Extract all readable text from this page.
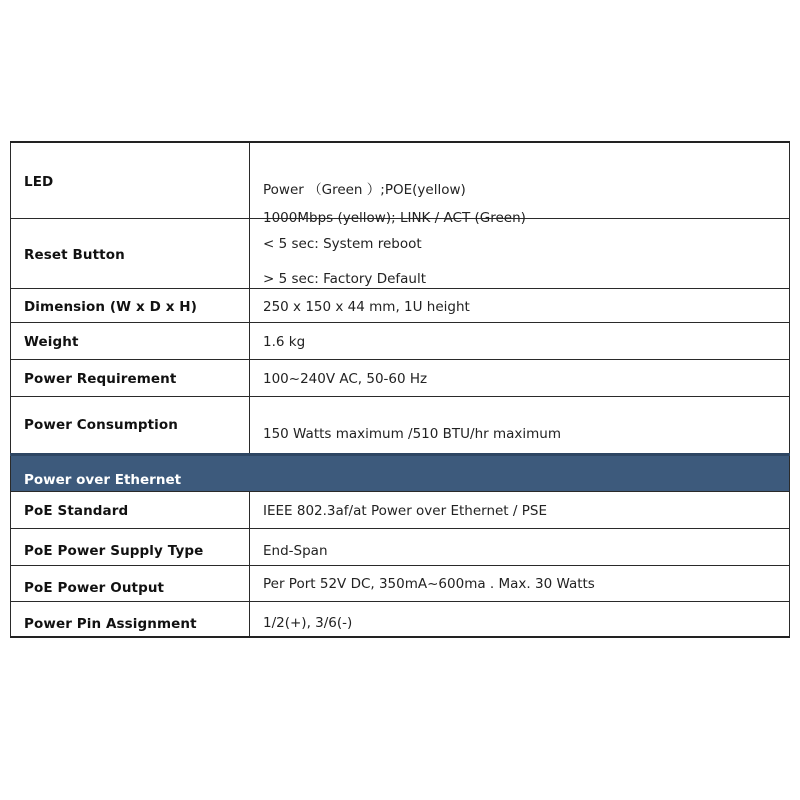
LED	Power （Green ）;POE(yellow)
1000Mbps (yellow); LINK / ACT (Green)

Reset Button	< 5 sec: System reboot
> 5 sec: Factory Default

Dimension (W x D x H)	250 x 150 x 44 mm, 1U height
Weight	1.6 kg
Power Requirement	100~240V AC, 50-60 Hz
Power Consumption	150 Watts maximum /510 BTU/hr maximum
Power over Ethernet	
PoE Standard	IEEE 802.3af/at Power over Ethernet / PSE
PoE Power Supply Type	End-Span
PoE Power Output	Per Port 52V DC, 350mA~600ma . Max. 30 Watts
Power Pin Assignment	1/2(+), 3/6(-)
